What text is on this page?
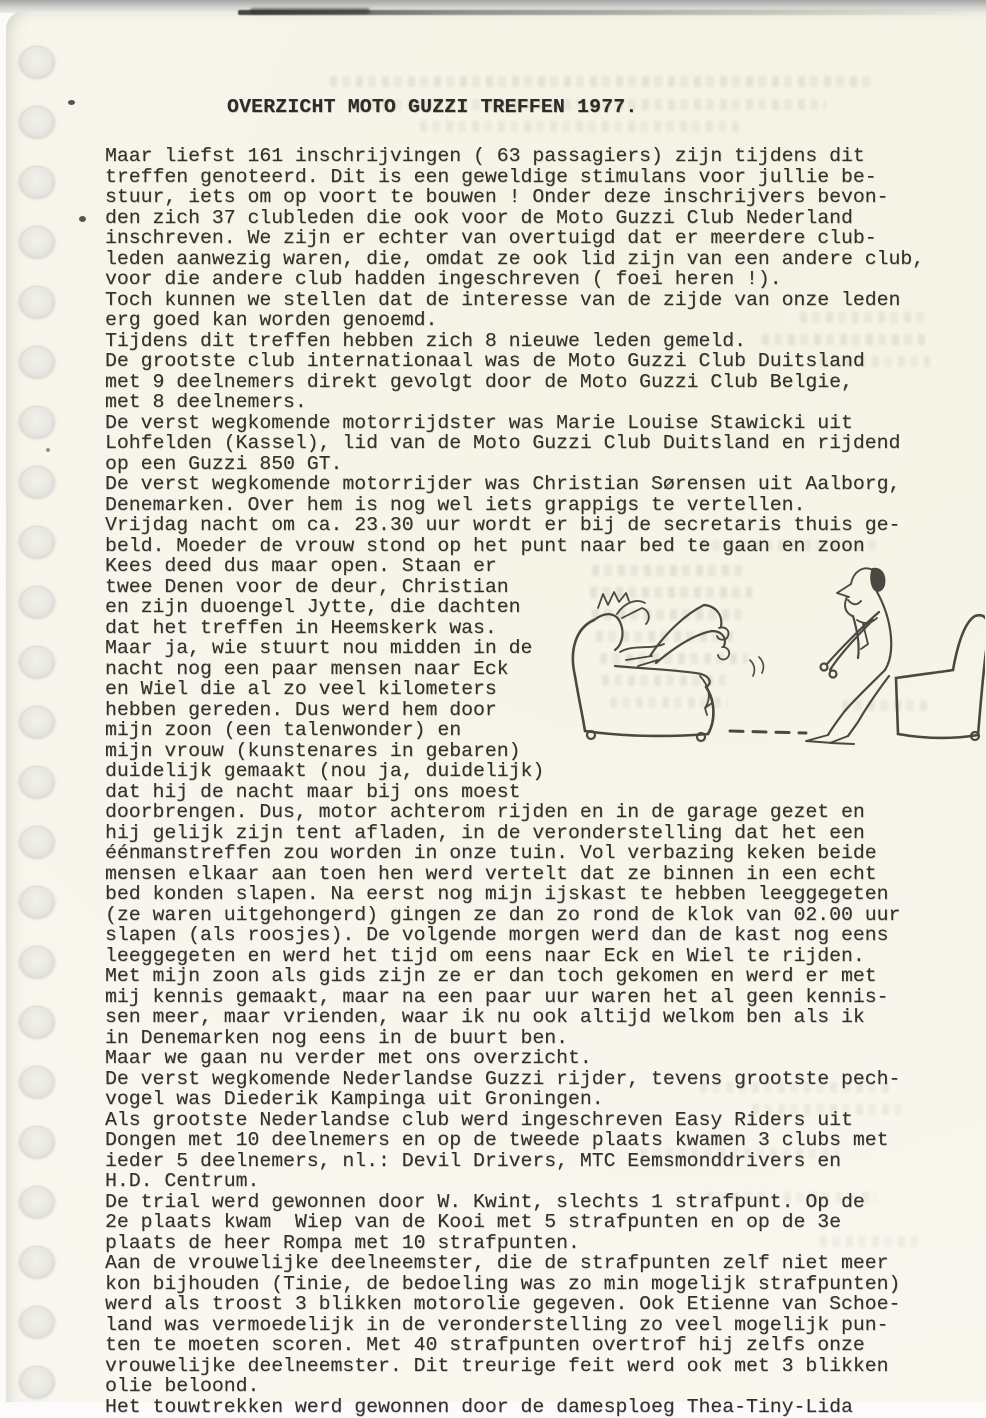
OVERZICHT MOTO GUZZI TREFFEN 1977.
Maar liefst 161 inschrijvingen ( 63 passagiers) zijn tijdens dit
treffen genoteerd. Dit is een geweldige stimulans voor jullie be-
stuur, iets om op voort te bouwen ! Onder deze inschrijvers bevon-
den zich 37 clubleden die ook voor de Moto Guzzi Club Nederland
inschreven. We zijn er echter van overtuigd dat er meerdere club-
leden aanwezig waren, die, omdat ze ook lid zijn van een andere club,
voor die andere club hadden ingeschreven ( foei heren !).
Toch kunnen we stellen dat de interesse van de zijde van onze leden
erg goed kan worden genoemd.
Tijdens dit treffen hebben zich 8 nieuwe leden gemeld.
De grootste club internationaal was de Moto Guzzi Club Duitsland
met 9 deelnemers direkt gevolgt door de Moto Guzzi Club Belgie,
met 8 deelnemers.
De verst wegkomende motorrijdster was Marie Louise Stawicki uit
Lohfelden (Kassel), lid van de Moto Guzzi Club Duitsland en rijdend
op een Guzzi 850 GT.
De verst wegkomende motorrijder was Christian Sørensen uit Aalborg,
Denemarken. Over hem is nog wel iets grappigs te vertellen.
Vrijdag nacht om ca. 23.30 uur wordt er bij de secretaris thuis ge-
beld. Moeder de vrouw stond op het punt naar bed te gaan en zoon
Kees deed dus maar open. Staan er
twee Denen voor de deur, Christian
en zijn duoengel Jytte, die dachten
dat het treffen in Heemskerk was.
Maar ja, wie stuurt nou midden in de
nacht nog een paar mensen naar Eck
en Wiel die al zo veel kilometers
hebben gereden. Dus werd hem door
mijn zoon (een talenwonder) en
mijn vrouw (kunstenares in gebaren)
duidelijk gemaakt (nou ja, duidelijk)
dat hij de nacht maar bij ons moest
doorbrengen. Dus, motor achterom rijden en in de garage gezet en
hij gelijk zijn tent afladen, in de veronderstelling dat het een
éénmanstreffen zou worden in onze tuin. Vol verbazing keken beide
mensen elkaar aan toen hen werd vertelt dat ze binnen in een echt
bed konden slapen. Na eerst nog mijn ijskast te hebben leeggegeten
(ze waren uitgehongerd) gingen ze dan zo rond de klok van 02.00 uur
slapen (als roosjes). De volgende morgen werd dan de kast nog eens
leeggegeten en werd het tijd om eens naar Eck en Wiel te rijden.
Met mijn zoon als gids zijn ze er dan toch gekomen en werd er met
mij kennis gemaakt, maar na een paar uur waren het al geen kennis-
sen meer, maar vrienden, waar ik nu ook altijd welkom ben als ik
in Denemarken nog eens in de buurt ben.
Maar we gaan nu verder met ons overzicht.
De verst wegkomende Nederlandse Guzzi rijder, tevens grootste pech-
vogel was Diederik Kampinga uit Groningen.
Als grootste Nederlandse club werd ingeschreven Easy Riders uit
Dongen met 10 deelnemers en op de tweede plaats kwamen 3 clubs met
ieder 5 deelnemers, nl.: Devil Drivers, MTC Eemsmonddrivers en
H.D. Centrum.
De trial werd gewonnen door W. Kwint, slechts 1 strafpunt. Op de
2e plaats kwam  Wiep van de Kooi met 5 strafpunten en op de 3e
plaats de heer Rompa met 10 strafpunten.
Aan de vrouwelijke deelneemster, die de strafpunten zelf niet meer
kon bijhouden (Tinie, de bedoeling was zo min mogelijk strafpunten)
werd als troost 3 blikken motorolie gegeven. Ook Etienne van Schoe-
land was vermoedelijk in de veronderstelling zo veel mogelijk pun-
ten te moeten scoren. Met 40 strafpunten overtrof hij zelfs onze
vrouwelijke deelneemster. Dit treurige feit werd ook met 3 blikken
olie beloond.
Het touwtrekken werd gewonnen door de damesploeg Thea-Tiny-Lida
